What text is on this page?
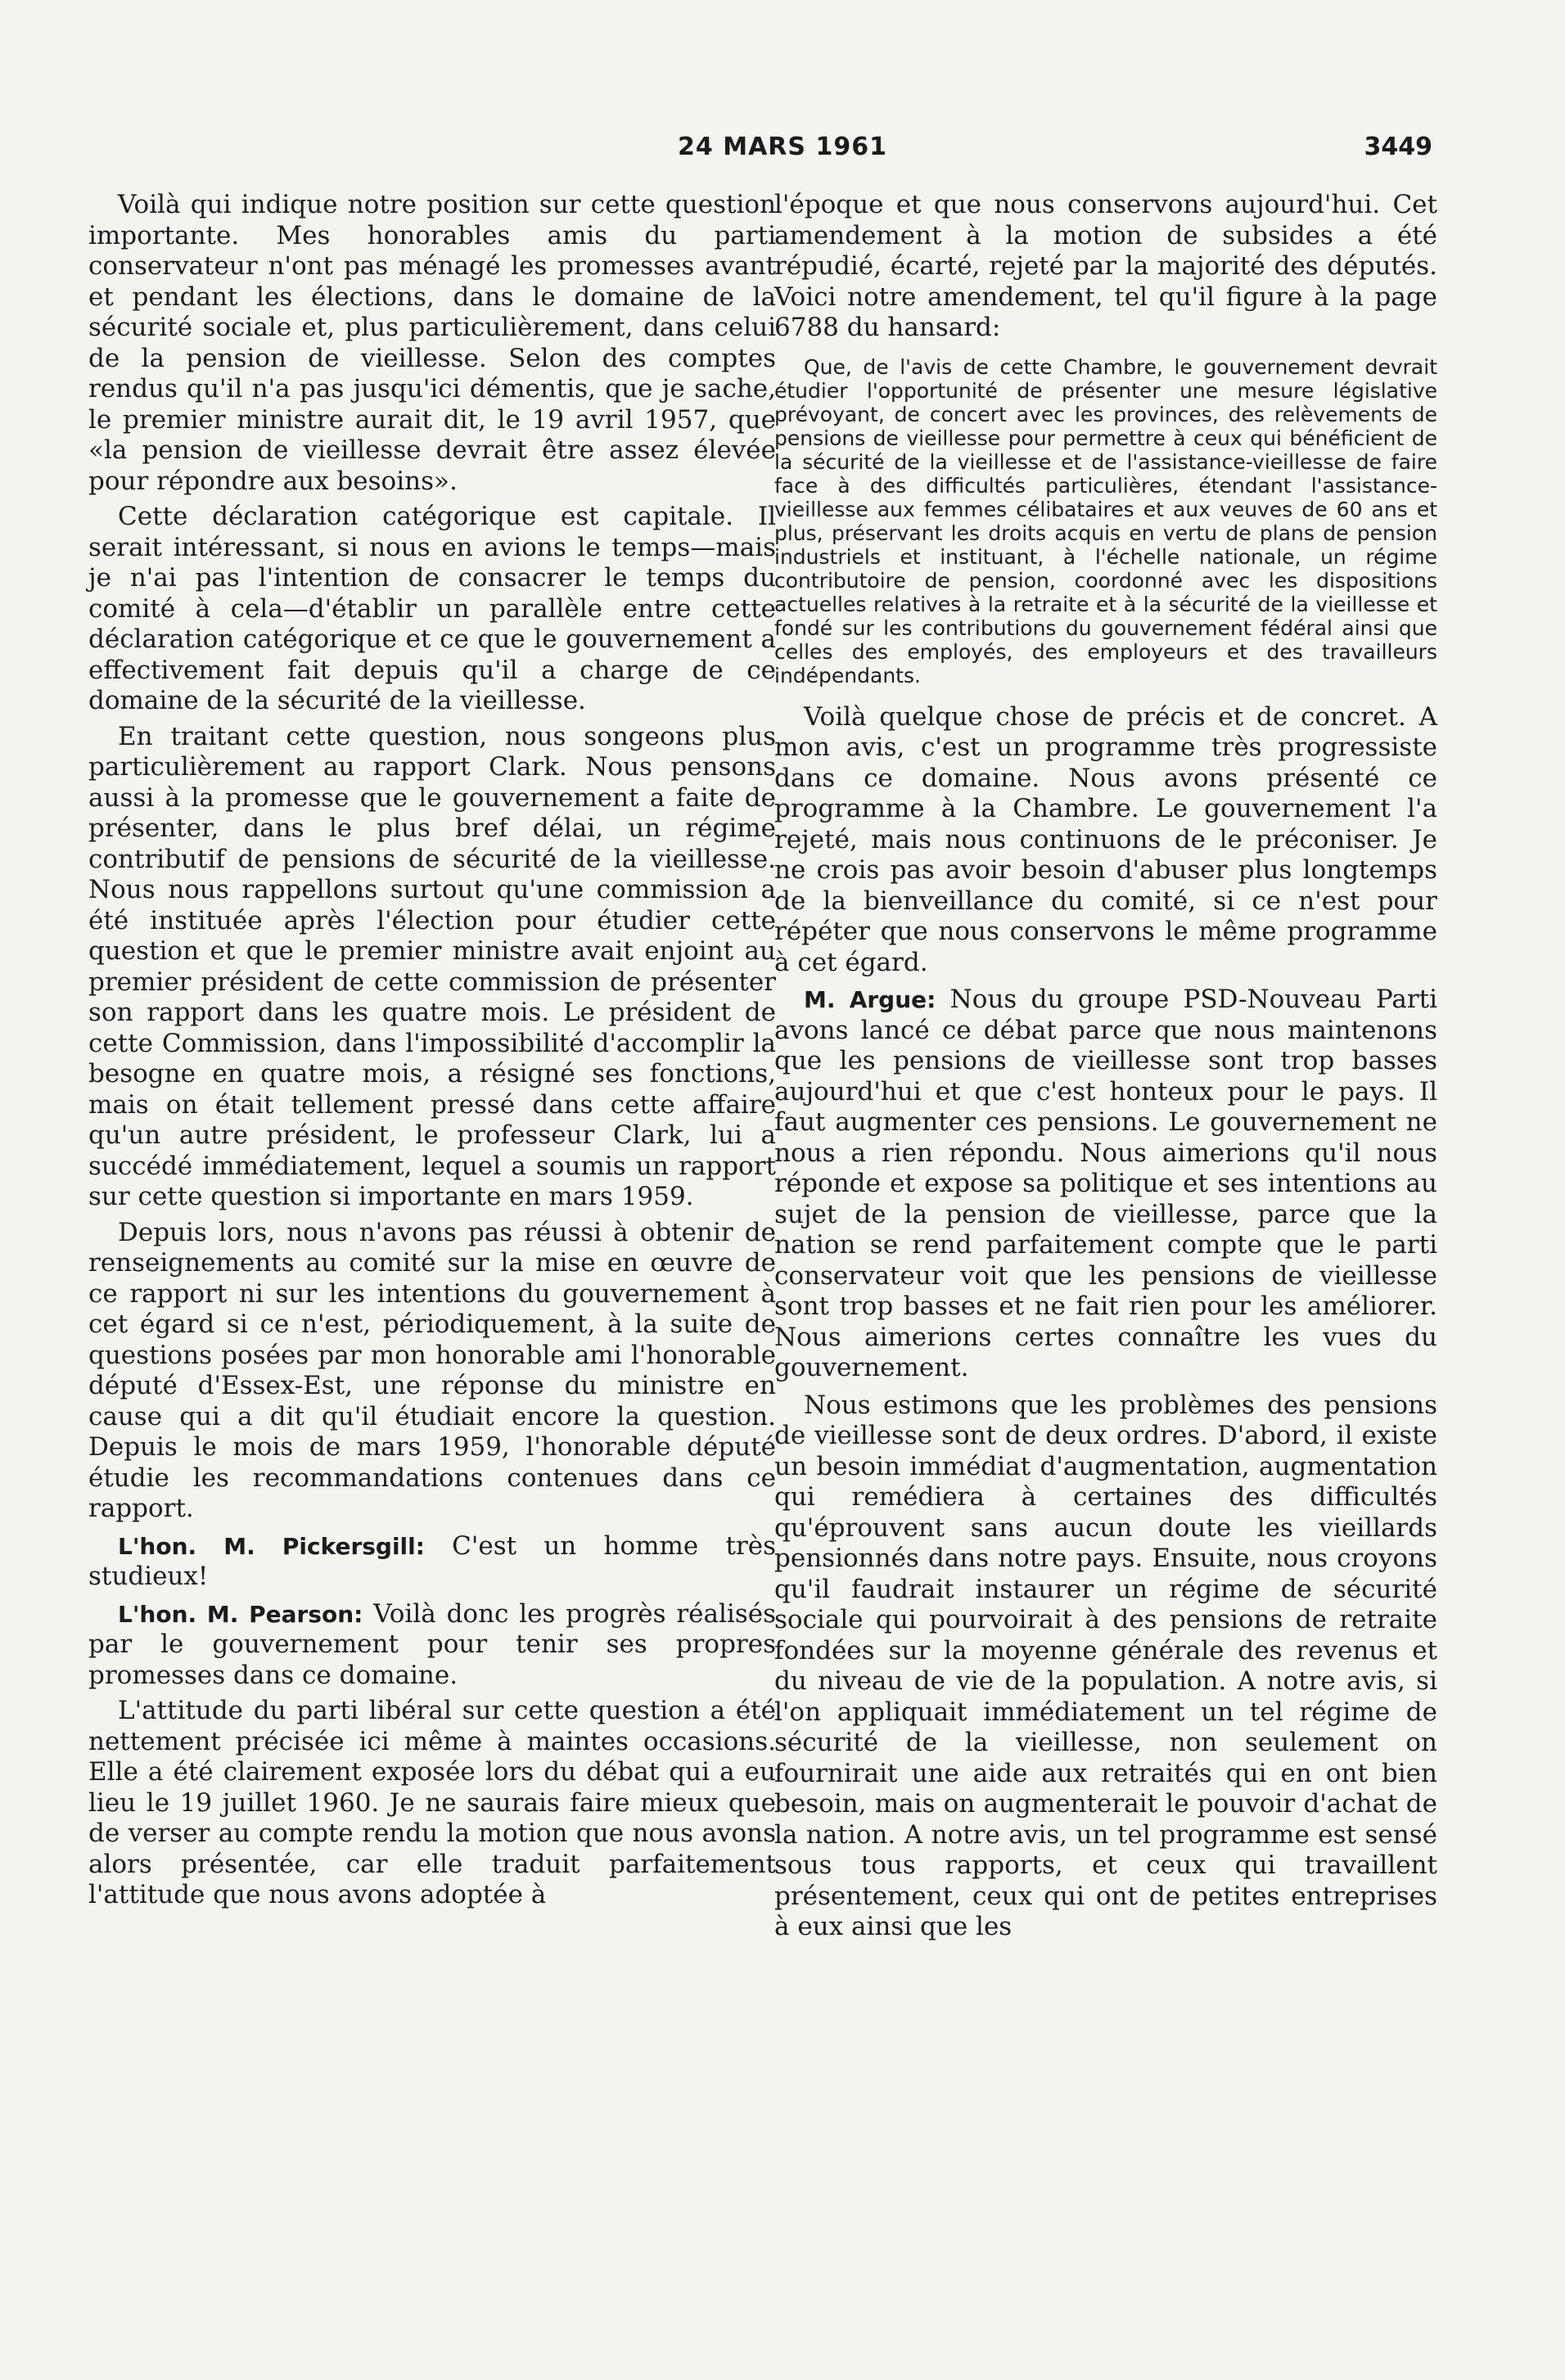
24 MARS 1961	3449

Voilà qui indique notre position sur cette question importante. Mes honorables amis du parti conservateur n'ont pas ménagé les promesses avant et pendant les élections, dans le domaine de la sécurité sociale et, plus particulièrement, dans celui de la pension de vieillesse. Selon des comptes rendus qu'il n'a pas jusqu'ici démentis, que je sache, le premier ministre aurait dit, le 19 avril 1957, que «la pension de vieillesse devrait être assez élevée pour répondre aux besoins».

Cette déclaration catégorique est capitale. Il serait intéressant, si nous en avions le temps—mais je n'ai pas l'intention de consacrer le temps du comité à cela—d'établir un parallèle entre cette déclaration catégorique et ce que le gouvernement a effectivement fait depuis qu'il a charge de ce domaine de la sécurité de la vieillesse.

En traitant cette question, nous songeons plus particulièrement au rapport Clark. Nous pensons aussi à la promesse que le gouvernement a faite de présenter, dans le plus bref délai, un régime contributif de pensions de sécurité de la vieillesse. Nous nous rappellons surtout qu'une commission a été instituée après l'élection pour étudier cette question et que le premier ministre avait enjoint au premier président de cette commission de présenter son rapport dans les quatre mois. Le président de cette Commission, dans l'impossibilité d'accomplir la besogne en quatre mois, a résigné ses fonctions, mais on était tellement pressé dans cette affaire qu'un autre président, le professeur Clark, lui a succédé immédiatement, lequel a soumis un rapport sur cette question si importante en mars 1959.

Depuis lors, nous n'avons pas réussi à obtenir de renseignements au comité sur la mise en œuvre de ce rapport ni sur les intentions du gouvernement à cet égard si ce n'est, périodiquement, à la suite de questions posées par mon honorable ami l'honorable député d'Essex-Est, une réponse du ministre en cause qui a dit qu'il étudiait encore la question. Depuis le mois de mars 1959, l'honorable député étudie les recommandations contenues dans ce rapport.

L'hon. M. Pickersgill: C'est un homme très studieux!

L'hon. M. Pearson: Voilà donc les progrès réalisés par le gouvernement pour tenir ses propres promesses dans ce domaine.

L'attitude du parti libéral sur cette question a été nettement précisée ici même à maintes occasions. Elle a été clairement exposée lors du débat qui a eu lieu le 19 juillet 1960. Je ne saurais faire mieux que de verser au compte rendu la motion que nous avons alors présentée, car elle traduit parfaitement l'attitude que nous avons adoptée à

l'époque et que nous conservons aujourd'hui. Cet amendement à la motion de subsides a été répudié, écarté, rejeté par la majorité des députés. Voici notre amendement, tel qu'il figure à la page 6788 du hansard:

Que, de l'avis de cette Chambre, le gouvernement devrait étudier l'opportunité de présenter une mesure législative prévoyant, de concert avec les provinces, des relèvements de pensions de vieillesse pour permettre à ceux qui bénéficient de la sécurité de la vieillesse et de l'assistance-vieillesse de faire face à des difficultés particulières, étendant l'assistance-vieillesse aux femmes célibataires et aux veuves de 60 ans et plus, préservant les droits acquis en vertu de plans de pension industriels et instituant, à l'échelle nationale, un régime contributoire de pension, coordonné avec les dispositions actuelles relatives à la retraite et à la sécurité de la vieillesse et fondé sur les contributions du gouvernement fédéral ainsi que celles des employés, des employeurs et des travailleurs indépendants.

Voilà quelque chose de précis et de concret. A mon avis, c'est un programme très progressiste dans ce domaine. Nous avons présenté ce programme à la Chambre. Le gouvernement l'a rejeté, mais nous continuons de le préconiser. Je ne crois pas avoir besoin d'abuser plus longtemps de la bienveillance du comité, si ce n'est pour répéter que nous conservons le même programme à cet égard.

M. Argue: Nous du groupe PSD-Nouveau Parti avons lancé ce débat parce que nous maintenons que les pensions de vieillesse sont trop basses aujourd'hui et que c'est honteux pour le pays. Il faut augmenter ces pensions. Le gouvernement ne nous a rien répondu. Nous aimerions qu'il nous réponde et expose sa politique et ses intentions au sujet de la pension de vieillesse, parce que la nation se rend parfaitement compte que le parti conservateur voit que les pensions de vieillesse sont trop basses et ne fait rien pour les améliorer. Nous aimerions certes connaître les vues du gouvernement.

Nous estimons que les problèmes des pensions de vieillesse sont de deux ordres. D'abord, il existe un besoin immédiat d'augmentation, augmentation qui remédiera à certaines des difficultés qu'éprouvent sans aucun doute les vieillards pensionnés dans notre pays. Ensuite, nous croyons qu'il faudrait instaurer un régime de sécurité sociale qui pourvoirait à des pensions de retraite fondées sur la moyenne générale des revenus et du niveau de vie de la population. A notre avis, si l'on appliquait immédiatement un tel régime de sécurité de la vieillesse, non seulement on fournirait une aide aux retraités qui en ont bien besoin, mais on augmenterait le pouvoir d'achat de la nation. A notre avis, un tel programme est sensé sous tous rapports, et ceux qui travaillent présentement, ceux qui ont de petites entreprises à eux ainsi que les
